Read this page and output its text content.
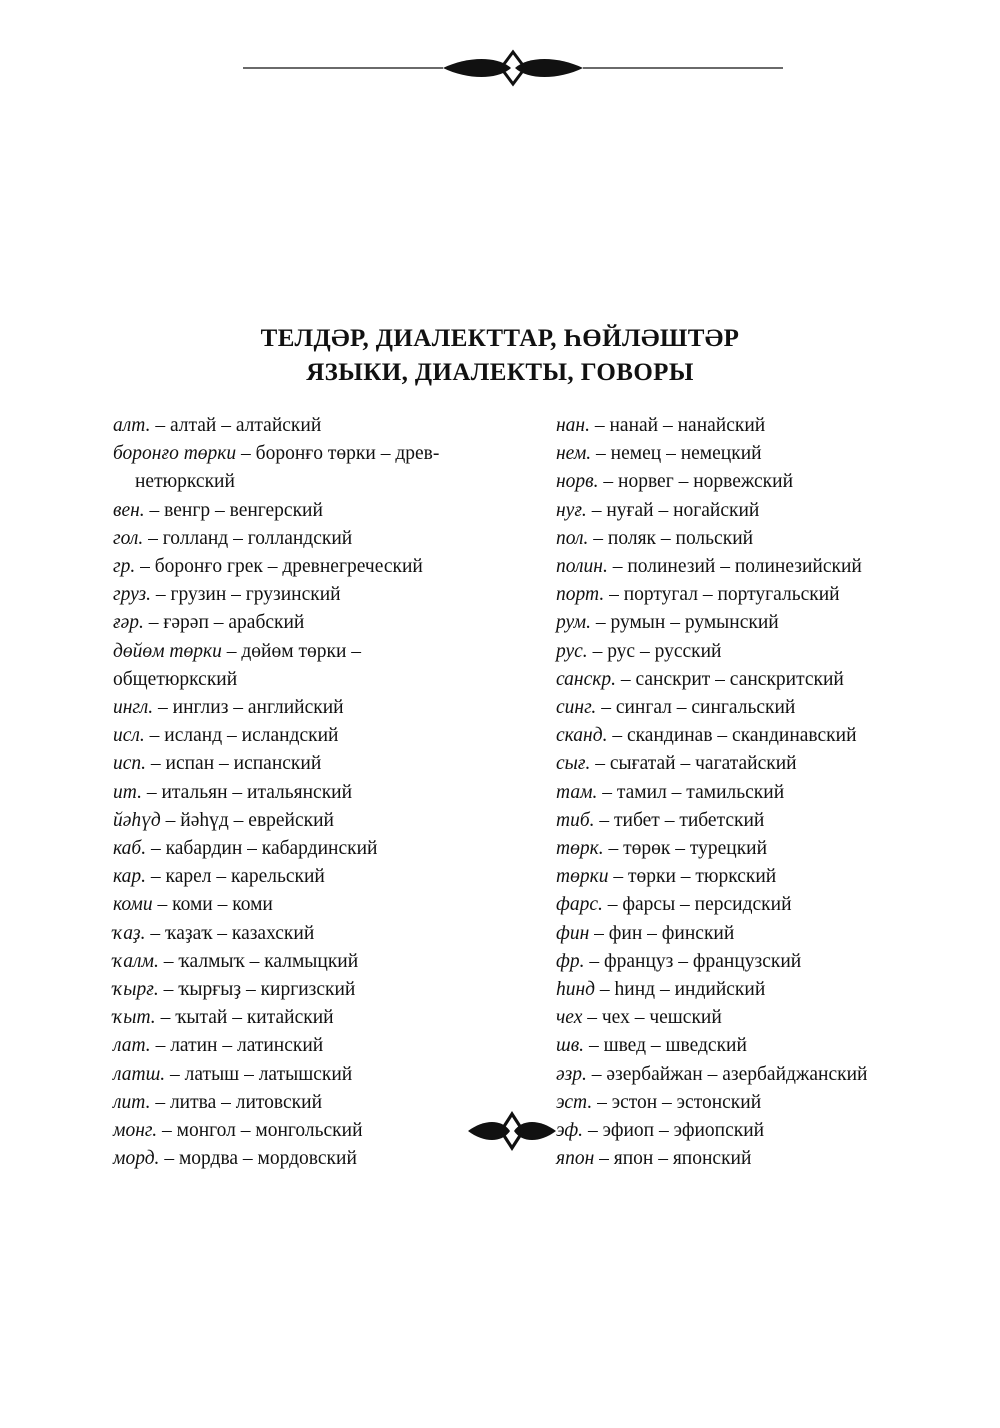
ТЕЛДӘР, ДИАЛЕКТТАР, ҺӨЙЛӘШТӘР
ЯЗЫКИ, ДИАЛЕКТЫ, ГОВОРЫ
алт. – алтай – алтайский
боронғо төрки – боронғо төрки – древ-
нетюркский
вен. – венгр – венгерский
гол. – голланд – голландский
гр. – боронғо грек – древнегреческий
груз. – грузин – грузинский
ғәр. – ғәрәп – арабский
дөйөм төрки – дөйөм төрки –
общетюркский
ингл. – инглиз – английский
исл. – исланд – исландский
исп. – испан – испанский
ит. – итальян – итальянский
йәһүд – йәһүд – еврейский
каб. – кабардин – кабардинский
кар. – карел – карельский
коми – коми – коми
ҡаҙ. – ҡаҙаҡ – казахский
ҡалм. – ҡалмыҡ – калмыцкий
ҡырғ. – ҡырғыҙ – киргизский
ҡыт. – ҡытай – китайский
лат. – латин – латинский
латш. – латыш – латышский
лит. – литва – литовский
монг. – монгол – монгольский
морд. – мордва – мордовский
нан. – нанай – нанайский
нем. – немец – немецкий
норв. – норвег – норвежский
нуғ. – нуғай – ногайский
пол. – поляк – польский
полин. – полинезий – полинезийский
порт. – португал – португальский
рум. – румын – румынский
рус. – рус – русский
санскр. – санскрит – санскритский
синг. – сингал – сингальский
сканд. – скандинав – скандинавский
сығ. – сығатай – чагатайский
там. – тамил – тамильский
тиб. – тибет – тибетский
төрк. – төрөк – турецкий
төрки – төрки – тюркский
фарс. – фарсы – персидский
фин – фин – финский
фр. – француз – французский
һинд – һинд – индийский
чех – чех – чешский
шв. – швед – шведский
әзр. – әзербайжан – азербайджанский
эст. – эстон – эстонский
эф. – эфиоп – эфиопский
япон – япон – японский
